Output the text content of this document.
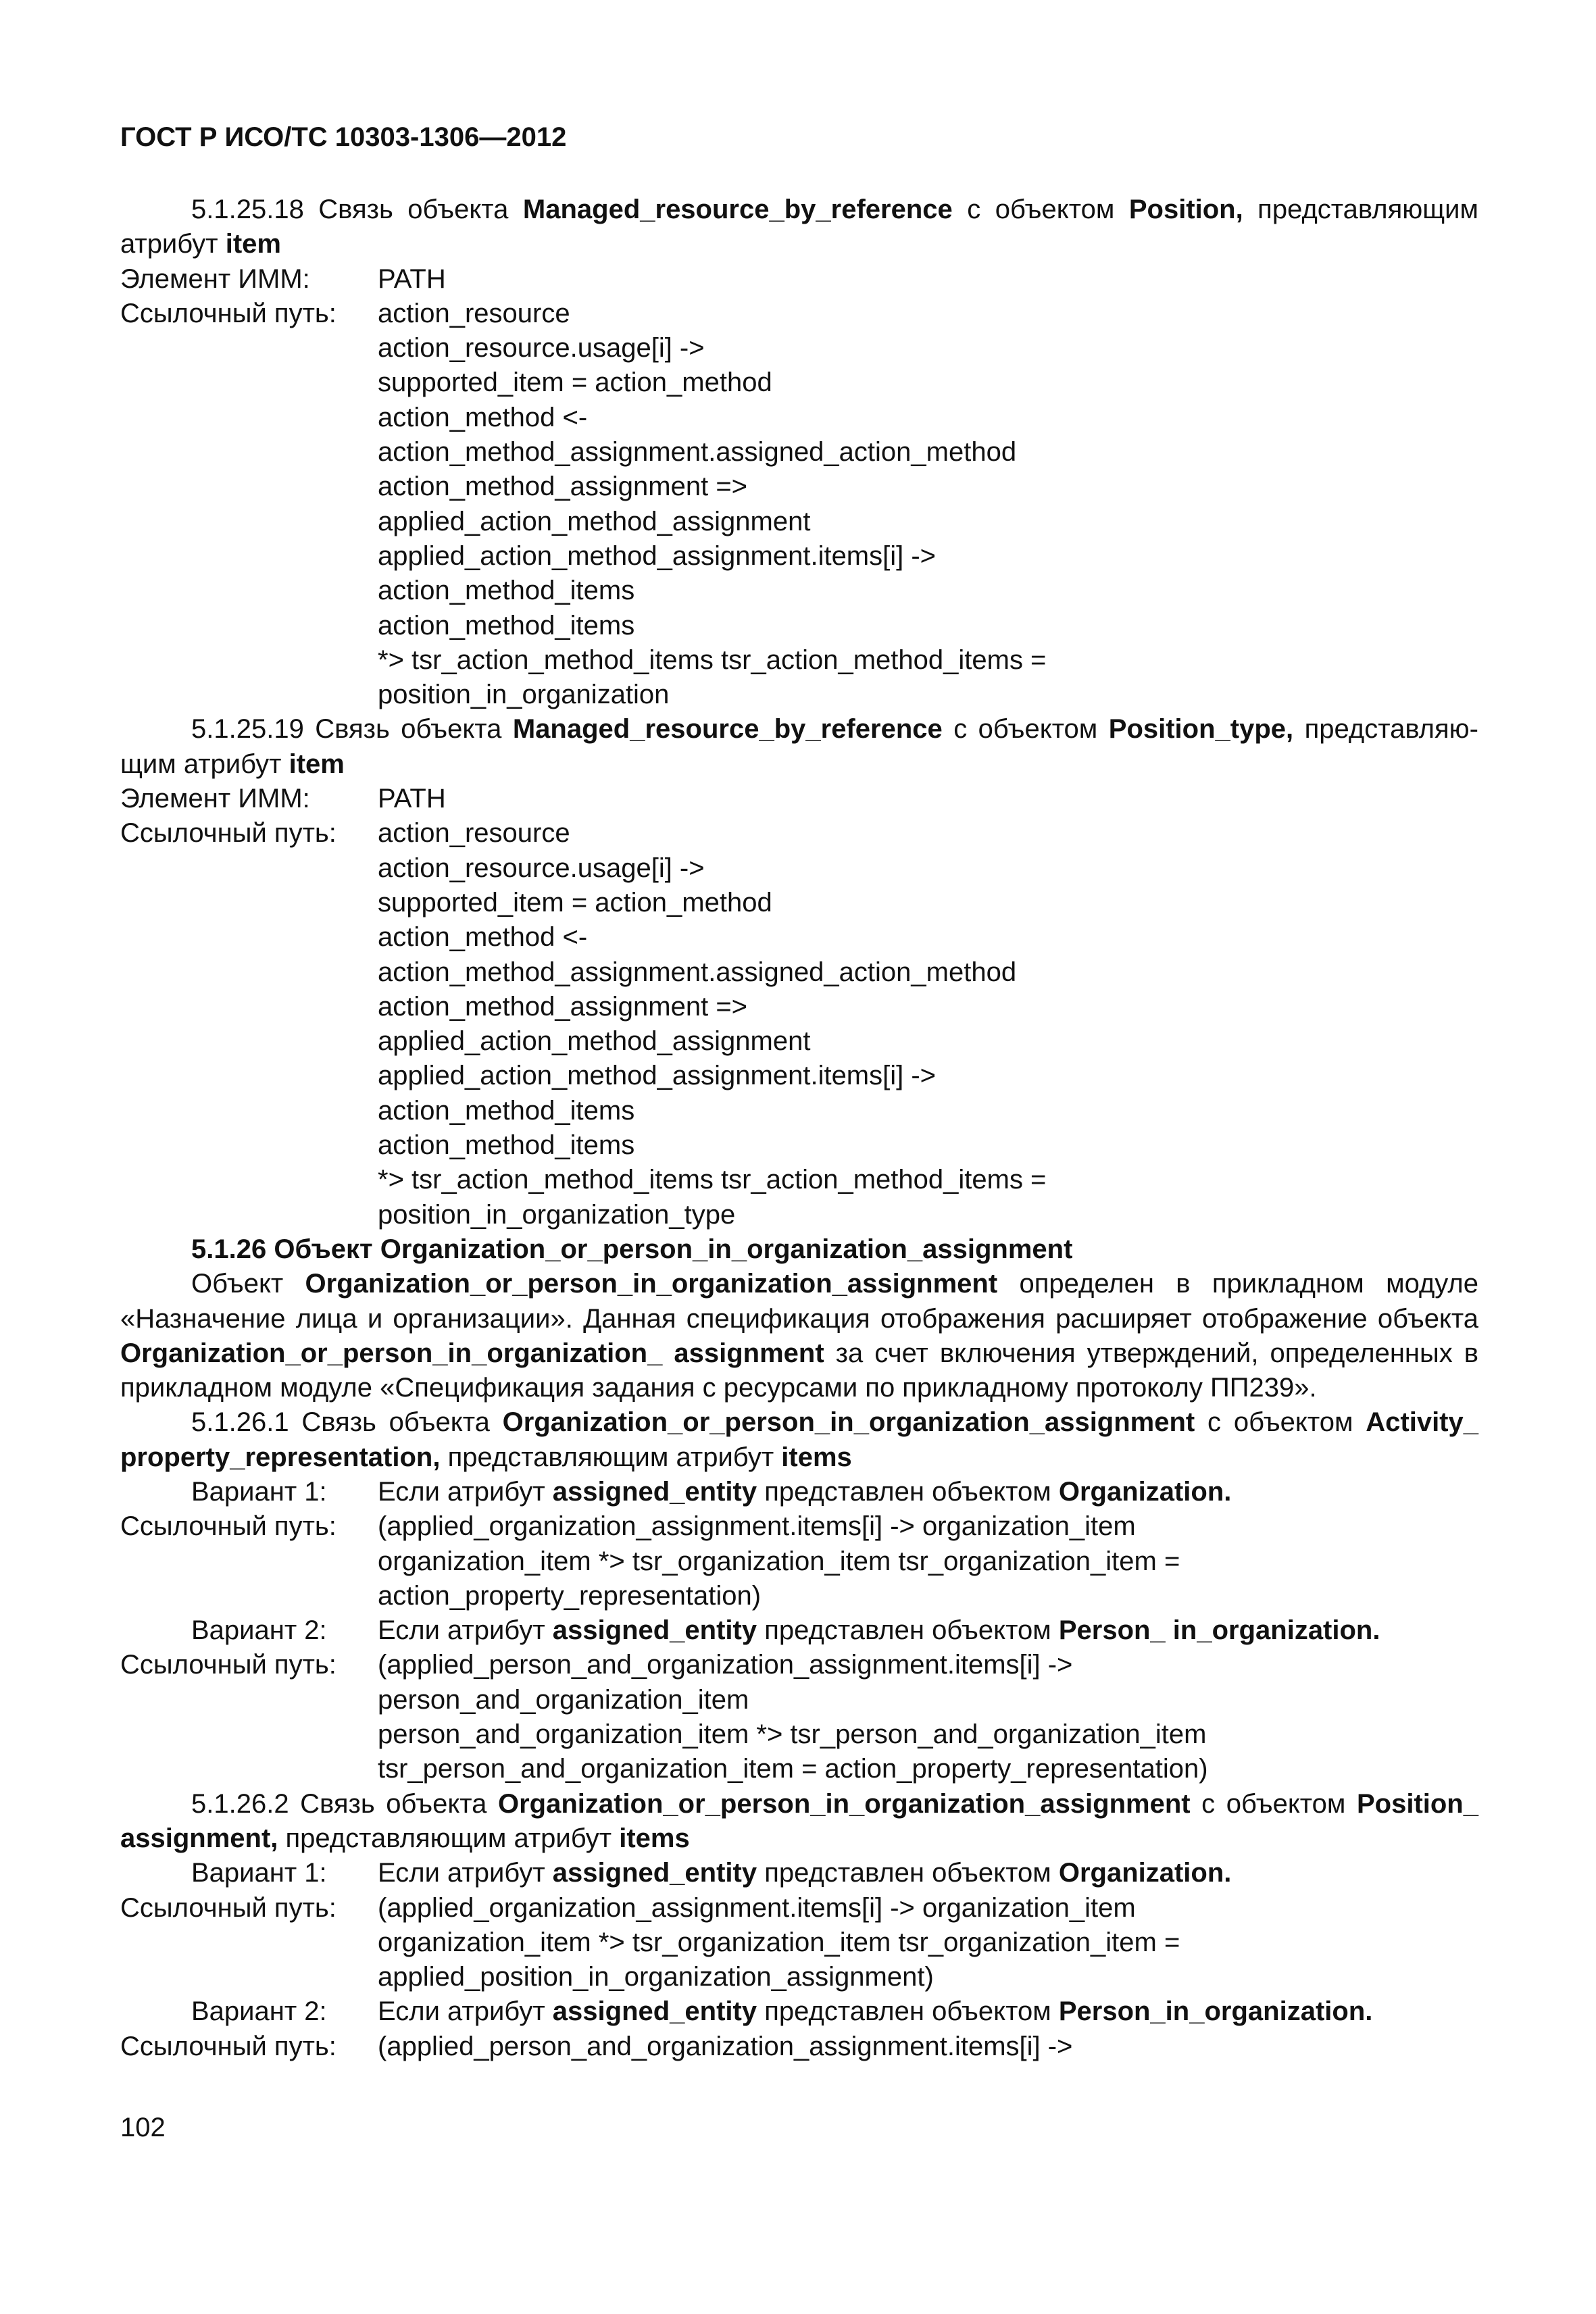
ГОСТ Р ИСО/ТС 10303-1306—2012
5.1.25.18 Связь объекта Managed_resource_by_reference с объектом Position, представляющим атрибут item
Элемент ИММ:	PATH
Ссылочный путь:	action_resource
action_resource.usage[i] ->
supported_item = action_method
action_method <-
action_method_assignment.assigned_action_method
action_method_assignment =>
applied_action_method_assignment
applied_action_method_assignment.items[i] ->
action_method_items
action_method_items
*> tsr_action_method_items tsr_action_method_items =
position_in_organization
5.1.25.19 Связь объекта Managed_resource_by_reference с объектом Position_type, представляю-щим атрибут item
Элемент ИММ:	PATH
Ссылочный путь:	action_resource
action_resource.usage[i] ->
supported_item = action_method
action_method <-
action_method_assignment.assigned_action_method
action_method_assignment =>
applied_action_method_assignment
applied_action_method_assignment.items[i] ->
action_method_items
action_method_items
*> tsr_action_method_items tsr_action_method_items =
position_in_organization_type
5.1.26 Объект Organization_or_person_in_organization_assignment
Объект Organization_or_person_in_organization_assignment определен в прикладном модуле «Назначение лица и организации». Данная спецификация отображения расширяет отображение объекта Organization_or_person_in_organization_ assignment за счет включения утверждений, определенных в прикладном модуле «Спецификация задания с ресурсами по прикладному протоколу ПП239».
5.1.26.1 Связь объекта Organization_or_person_in_organization_assignment с объектом Activity_ property_representation, представляющим атрибут items
Вариант 1:	Если атрибут assigned_entity представлен объектом Organization.
Ссылочный путь:	(applied_organization_assignment.items[i] -> organization_item
organization_item *> tsr_organization_item tsr_organization_item =
action_property_representation)
Вариант 2:	Если атрибут assigned_entity представлен объектом Person_ in_organization.
Ссылочный путь:	(applied_person_and_organization_assignment.items[i] ->
person_and_organization_item
person_and_organization_item *> tsr_person_and_organization_item
tsr_person_and_organization_item = action_property_representation)
5.1.26.2 Связь объекта Organization_or_person_in_organization_assignment с объектом Position_ assignment, представляющим атрибут items
Вариант 1:	Если атрибут assigned_entity представлен объектом Organization.
Ссылочный путь:	(applied_organization_assignment.items[i] -> organization_item
organization_item *> tsr_organization_item tsr_organization_item =
applied_position_in_organization_assignment)
Вариант 2:	Если атрибут assigned_entity представлен объектом Person_in_organization.
Ссылочный путь:	(applied_person_and_organization_assignment.items[i] ->
102
